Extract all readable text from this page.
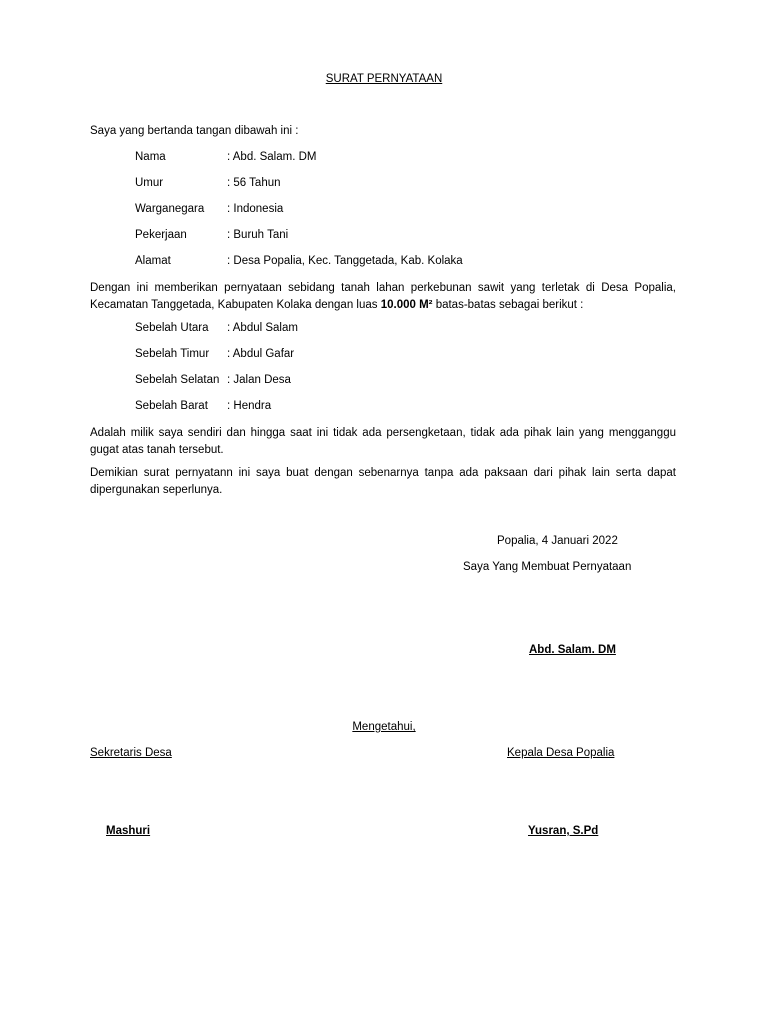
SURAT PERNYATAAN
Saya yang bertanda tangan dibawah ini :
Nama	: Abd. Salam. DM
Umur	: 56 Tahun
Warganegara : Indonesia
Pekerjaan	: Buruh Tani
Alamat	: Desa Popalia, Kec. Tanggetada, Kab. Kolaka
Dengan ini memberikan pernyataan sebidang tanah lahan perkebunan sawit yang terletak di Desa Popalia, Kecamatan Tanggetada, Kabupaten Kolaka dengan luas 10.000 M² batas-batas sebagai berikut :
Sebelah Utara : Abdul Salam
Sebelah Timur : Abdul Gafar
Sebelah Selatan : Jalan Desa
Sebelah Barat : Hendra
Adalah milik saya sendiri dan hingga saat ini tidak ada persengketaan, tidak ada pihak lain yang mengganggu gugat atas tanah tersebut.
Demikian surat pernyatann ini saya buat dengan sebenarnya tanpa ada paksaan dari pihak lain serta dapat dipergunakan seperlunya.
Popalia, 4 Januari 2022
Saya Yang Membuat Pernyataan
Abd. Salam. DM
Mengetahui,
Sekretaris Desa	Kepala Desa Popalia
Mashuri	Yusran, S.Pd
